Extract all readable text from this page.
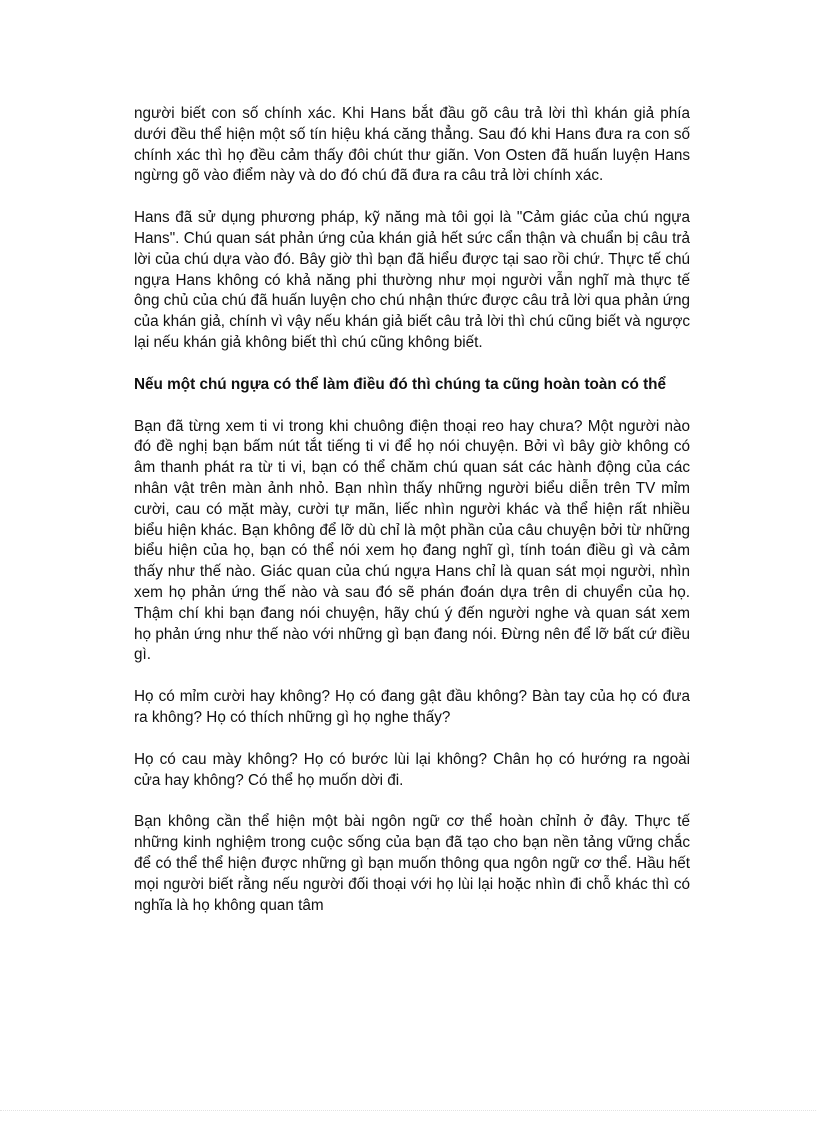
người biết con số chính xác. Khi Hans bắt đầu gõ câu trả lời thì khán giả phía dưới đều thể hiện một số tín hiệu khá căng thẳng. Sau đó khi Hans đưa ra con số chính xác thì họ đều cảm thấy đôi chút thư giãn. Von Osten đã huấn luyện Hans ngừng gõ vào điểm này và do đó chú đã đưa ra câu trả lời chính xác.

Hans đã sử dụng phương pháp, kỹ năng mà tôi gọi là "Cảm giác của chú ngựa Hans". Chú quan sát phản ứng của khán giả hết sức cẩn thận và chuẩn bị câu trả lời của chú dựa vào đó. Bây giờ thì bạn đã hiểu được tại sao rồi chứ. Thực tế chú ngựa Hans không có khả năng phi thường như mọi người vẫn nghĩ mà thực tế ông chủ của chú đã huấn luyện cho chú nhận thức được câu trả lời qua phản ứng của khán giả, chính vì vậy nếu khán giả biết câu trả lời thì chú cũng biết và ngược lại nếu khán giả không biết thì chú cũng không biết.

Nếu một chú ngựa có thể làm điều đó thì chúng ta cũng hoàn toàn có thể

Bạn đã từng xem ti vi trong khi chuông điện thoại reo hay chưa? Một người nào đó đề nghị bạn bấm nút tắt tiếng ti vi để họ nói chuyện. Bởi vì bây giờ không có âm thanh phát ra từ ti vi, bạn có thể chăm chú quan sát các hành động của các nhân vật trên màn ảnh nhỏ. Bạn nhìn thấy những người biểu diễn trên TV mỉm cười, cau có mặt mày, cười tự mãn, liếc nhìn người khác và thể hiện rất nhiều biểu hiện khác. Bạn không để lỡ dù chỉ là một phần của câu chuyện bởi từ những biểu hiện của họ, bạn có thể nói xem họ đang nghĩ gì, tính toán điều gì và cảm thấy như thế nào. Giác quan của chú ngựa Hans chỉ là quan sát mọi người, nhìn xem họ phản ứng thế nào và sau đó sẽ phán đoán dựa trên di chuyển của họ. Thậm chí khi bạn đang nói chuyện, hãy chú ý đến người nghe và quan sát xem họ phản ứng như thế nào với những gì bạn đang nói. Đừng nên để lỡ bất cứ điều gì.

Họ có mỉm cười hay không? Họ có đang gật đầu không? Bàn tay của họ có đưa ra không? Họ có thích những gì họ nghe thấy?

Họ có cau mày không? Họ có bước lùi lại không? Chân họ có hướng ra ngoài cửa hay không? Có thể họ muốn dời đi.

Bạn không cần thể hiện một bài ngôn ngữ cơ thể hoàn chỉnh ở đây. Thực tế những kinh nghiệm trong cuộc sống của bạn đã tạo cho bạn nền tảng vững chắc để có thể thể hiện được những gì bạn muốn thông qua ngôn ngữ cơ thể. Hầu hết mọi người biết rằng nếu người đối thoại với họ lùi lại hoặc nhìn đi chỗ khác thì có nghĩa là họ không quan tâm
